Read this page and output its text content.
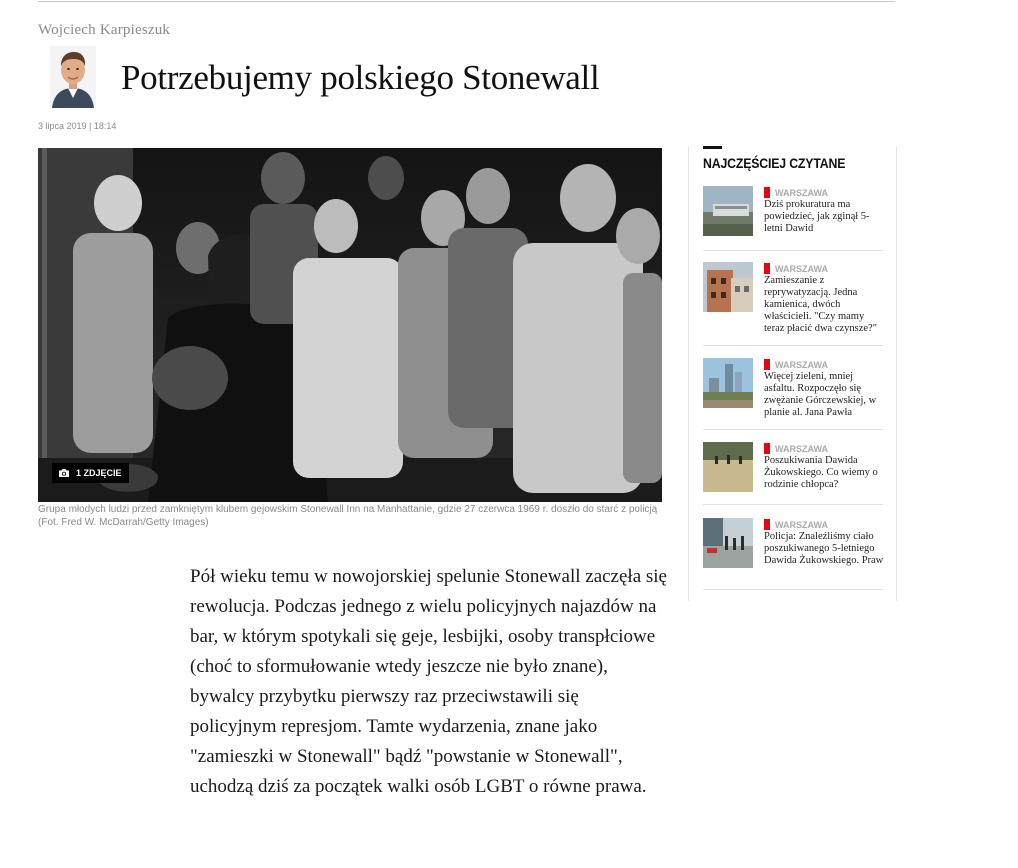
Wojciech Karpieszuk
Potrzebujemy polskiego Stonewall
3 lipca 2019 | 18:14
1 ZDJĘCIE
Grupa młodych ludzi przed zamkniętym klubem gejowskim Stonewall Inn na Manhattanie, gdzie 27 czerwca 1969 r. doszło do starć z policją (Fot. Fred W. McDarrah/Getty Images)

Pół wieku temu w nowojorskiej spelunie Stonewall zaczęła się rewolucja. Podczas jednego z wielu policyjnych najazdów na bar, w którym spotykali się geje, lesbijki, osoby transpłciowe (choć to sformułowanie wtedy jeszcze nie było znane), bywalcy przybytku pierwszy raz przeciwstawili się policyjnym represjom. Tamte wydarzenia, znane jako "zamieszki w Stonewall" bądź "powstanie w Stonewall", uchodzą dziś za początek walki osób LGBT o równe prawa.

NAJCZĘŚCIEJ CZYTANE
WARSZAWA
Dziś prokuratura ma powiedzieć, jak zginął 5-letni Dawid
WARSZAWA
Zamieszanie z reprywatyzacją. Jedna kamienica, dwóch właścicieli. "Czy mamy teraz płacić dwa czynsze?"
WARSZAWA
Więcej zieleni, mniej asfaltu. Rozpoczęło się zwężanie Górczewskiej, w planie al. Jana Pawła
WARSZAWA
Poszukiwania Dawida Żukowskiego. Co wiemy o rodzinie chłopca?
WARSZAWA
Policja: Znaleźliśmy ciało poszukiwanego 5-letniego Dawida Żukowskiego. Praw
